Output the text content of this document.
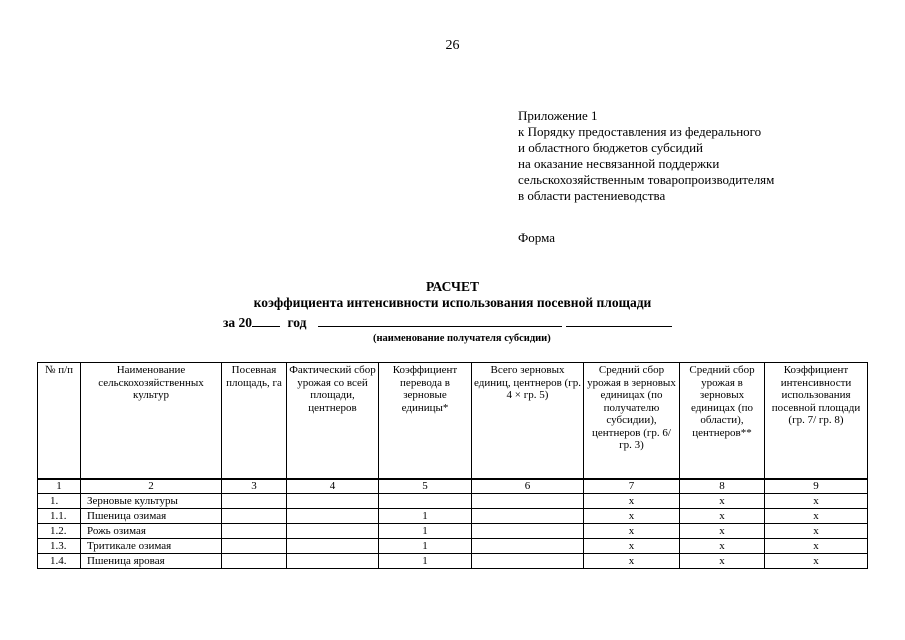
26
Приложение 1
к Порядку предоставления из федерального
и областного бюджетов субсидий
на оказание несвязанной поддержки
сельскохозяйственным товаропроизводителям
в области растениеводства
Форма
РАСЧЕТ
коэффициента интенсивности использования посевной площади
за 20	год
(наименование получателя субсидии)
№ п/п	Наименование сельскохозяйственных культур	Посевная площадь, га	Фактический сбор урожая со всей площади, центнеров	Коэффициент перевода в зерновые единицы*	Всего зерновых единиц, центнеров (гр. 4 × гр. 5)	Средний сбор урожая в зерновых единицах (по получателю субсидии), центнеров (гр. 6/ гр. 3)	Средний сбор урожая в зерновых единицах (по области), центнеров**	Коэффициент интенсивности использования посевной площади (гр. 7/ гр. 8)
1	2	3	4	5	6	7	8	9
1.	Зерновые культуры					x	x	x
1.1.	Пшеница озимая			1		x	x	x
1.2.	Рожь озимая			1		x	x	x
1.3.	Тритикале озимая			1		x	x	x
1.4.	Пшеница яровая			1		x	x	x
